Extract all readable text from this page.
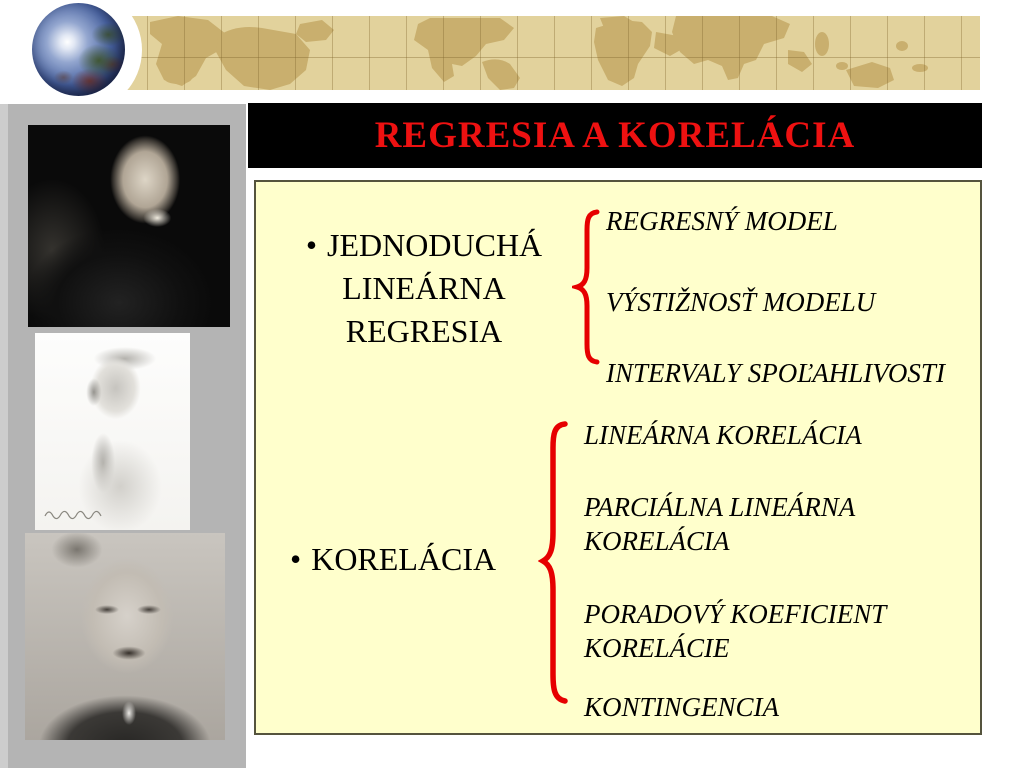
REGRESIA A KORELÁCIA
• JEDNODUCHÁ
LINEÁRNA
REGRESIA
REGRESNÝ MODEL
VÝSTIŽNOSŤ MODELU
INTERVALY SPOĽAHLIVOSTI
• KORELÁCIA
LINEÁRNA KORELÁCIA
PARCIÁLNA LINEÁRNA
KORELÁCIA
PORADOVÝ KOEFICIENT
KORELÁCIE
KONTINGENCIA
